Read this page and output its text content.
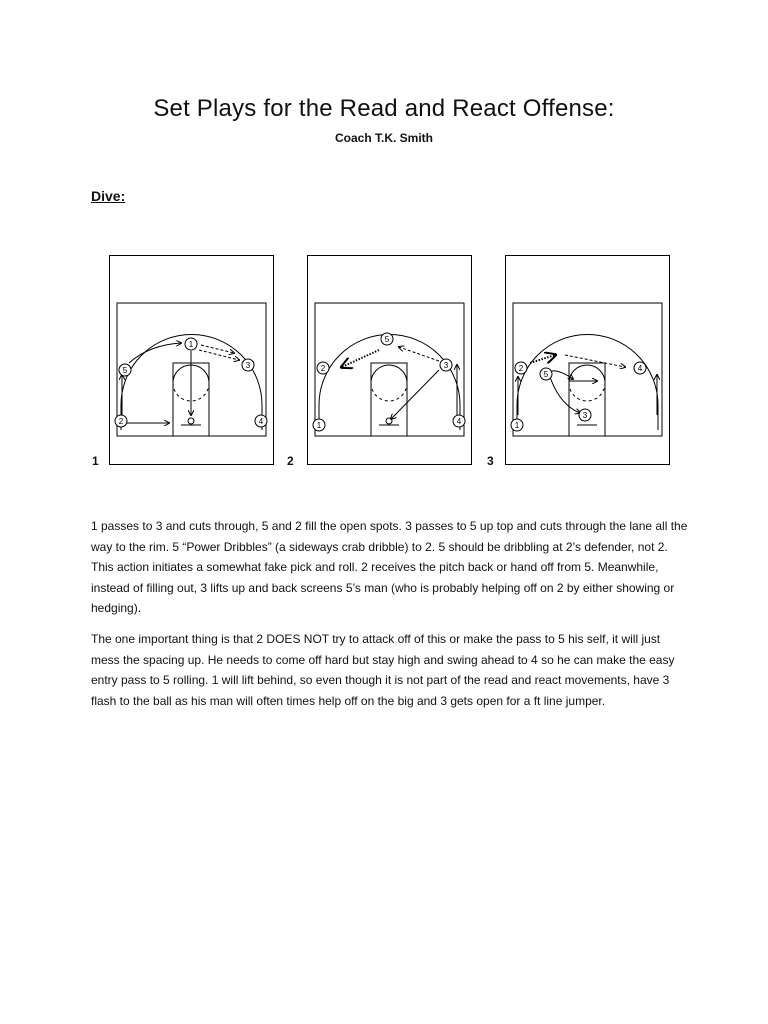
Set Plays for the Read and React Offense:
Coach T.K. Smith
Dive:
1
3
5
2	4
1
5
2	3
1	4
2
2
5
4
3
1
3

1 passes to 3 and cuts through, 5 and 2 fill the open spots. 3 passes to 5 up top and cuts through the lane all the way to the rim. 5 “Power Dribbles” (a sideways crab dribble) to 2. 5 should be dribbling at 2’s defender, not 2. This action initiates a somewhat fake pick and roll. 2 receives the pitch back or hand off from 5. Meanwhile, instead of filling out, 3 lifts up and back screens 5’s man (who is probably helping off on 2 by either showing or hedging).

The one important thing is that 2 DOES NOT try to attack off of this or make the pass to 5 his self, it will just mess the spacing up. He needs to come off hard but stay high and swing ahead to 4 so he can make the easy entry pass to 5 rolling. 1 will lift behind, so even though it is not part of the read and react movements, have 3 flash to the ball as his man will often times help off on the big and 3 gets open for a ft line jumper.
